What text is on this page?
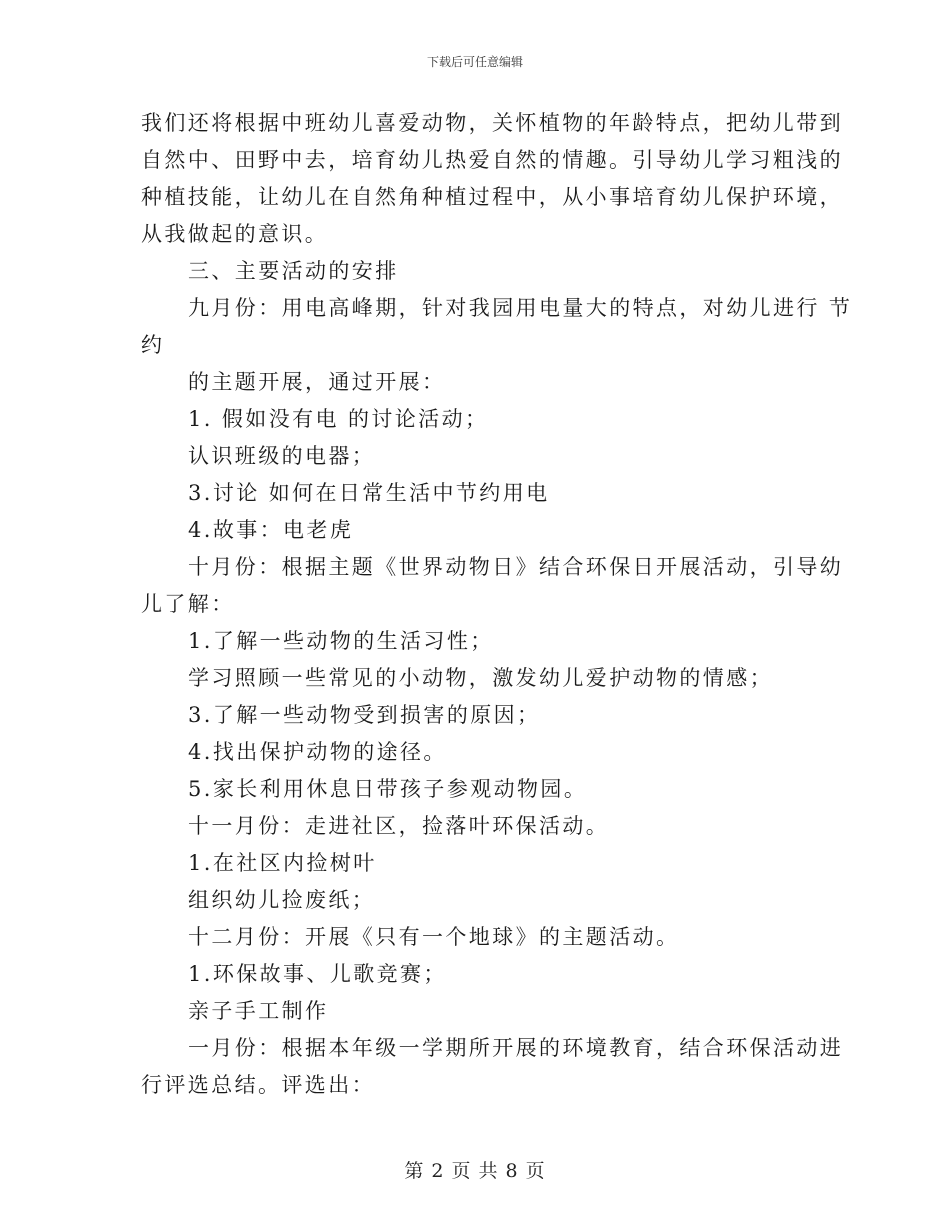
下载后可任意编辑
我们还将根据中班幼儿喜爱动物，关怀植物的年龄特点，把幼儿带到
自然中、田野中去，培育幼儿热爱自然的情趣。引导幼儿学习粗浅的
种植技能，让幼儿在自然角种植过程中，从小事培育幼儿保护环境，
从我做起的意识。
三、主要活动的安排
九月份：用电高峰期，针对我园用电量大的特点，对幼儿进行 节
约
的主题开展，通过开展：
1. 假如没有电 的讨论活动；
认识班级的电器；
3.讨论 如何在日常生活中节约用电
4.故事：电老虎
十月份：根据主题《世界动物日》结合环保日开展活动，引导幼
儿了解：
1.了解一些动物的生活习性；
学习照顾一些常见的小动物，激发幼儿爱护动物的情感；
3.了解一些动物受到损害的原因；
4.找出保护动物的途径。
5.家长利用休息日带孩子参观动物园。
十一月份：走进社区，捡落叶环保活动。
1.在社区内捡树叶
组织幼儿捡废纸；
十二月份：开展《只有一个地球》的主题活动。
1.环保故事、儿歌竞赛；
亲子手工制作
一月份：根据本年级一学期所开展的环境教育，结合环保活动进
行评选总结。评选出：
第 2 页 共 8 页
